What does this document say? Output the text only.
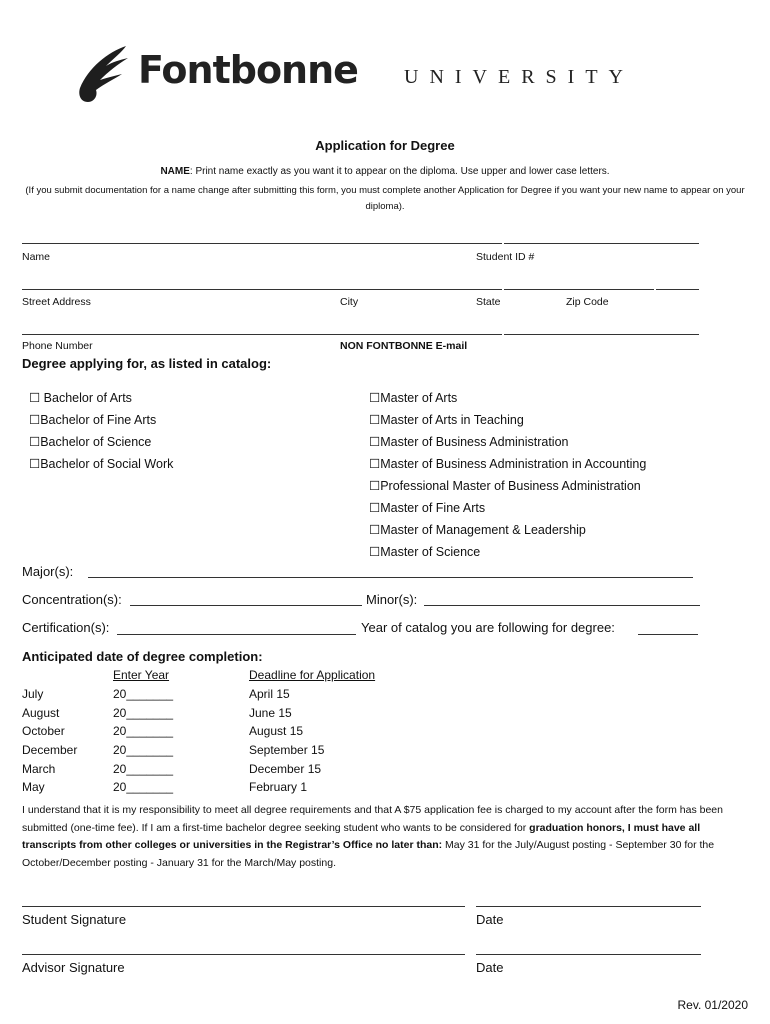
Fontbonne UNIVERSITY
Application for Degree
NAME: Print name exactly as you want it to appear on the diploma. Use upper and lower case letters.
(If you submit documentation for a name change after submitting this form, you must complete another Application for Degree if you want your new name to appear on your diploma).
Name	Student ID #
Street Address	City	State	Zip Code
Phone Number	NON FONTBONNE E-mail
Degree applying for, as listed in catalog:
☐ Bachelor of Arts
☐Bachelor of Fine Arts
☐Bachelor of Science
☐Bachelor of Social Work
☐Master of Arts
☐Master of Arts in Teaching
☐Master of Business Administration
☐Master of Business Administration in Accounting
☐Professional Master of Business Administration
☐Master of Fine Arts
☐Master of Management & Leadership
☐Master of Science
Major(s):
Concentration(s):	Minor(s):
Certification(s):	Year of catalog you are following for degree:
Anticipated date of degree completion:
Enter Year	Deadline for Application
July	20_______	April 15
August	20_______	June 15
October	20_______	August 15
December	20_______	September 15
March	20_______	December 15
May	20_______	February 1
I understand that it is my responsibility to meet all degree requirements and that A $75 application fee is charged to my account after the form has been submitted (one-time fee). If I am a first-time bachelor degree seeking student who wants to be considered for graduation honors, I must have all transcripts from other colleges or universities in the Registrar’s Office no later than: May 31 for the July/August posting - September 30 for the October/December posting - January 31 for the March/May posting.
Student Signature	Date
Advisor Signature	Date
Rev. 01/2020
